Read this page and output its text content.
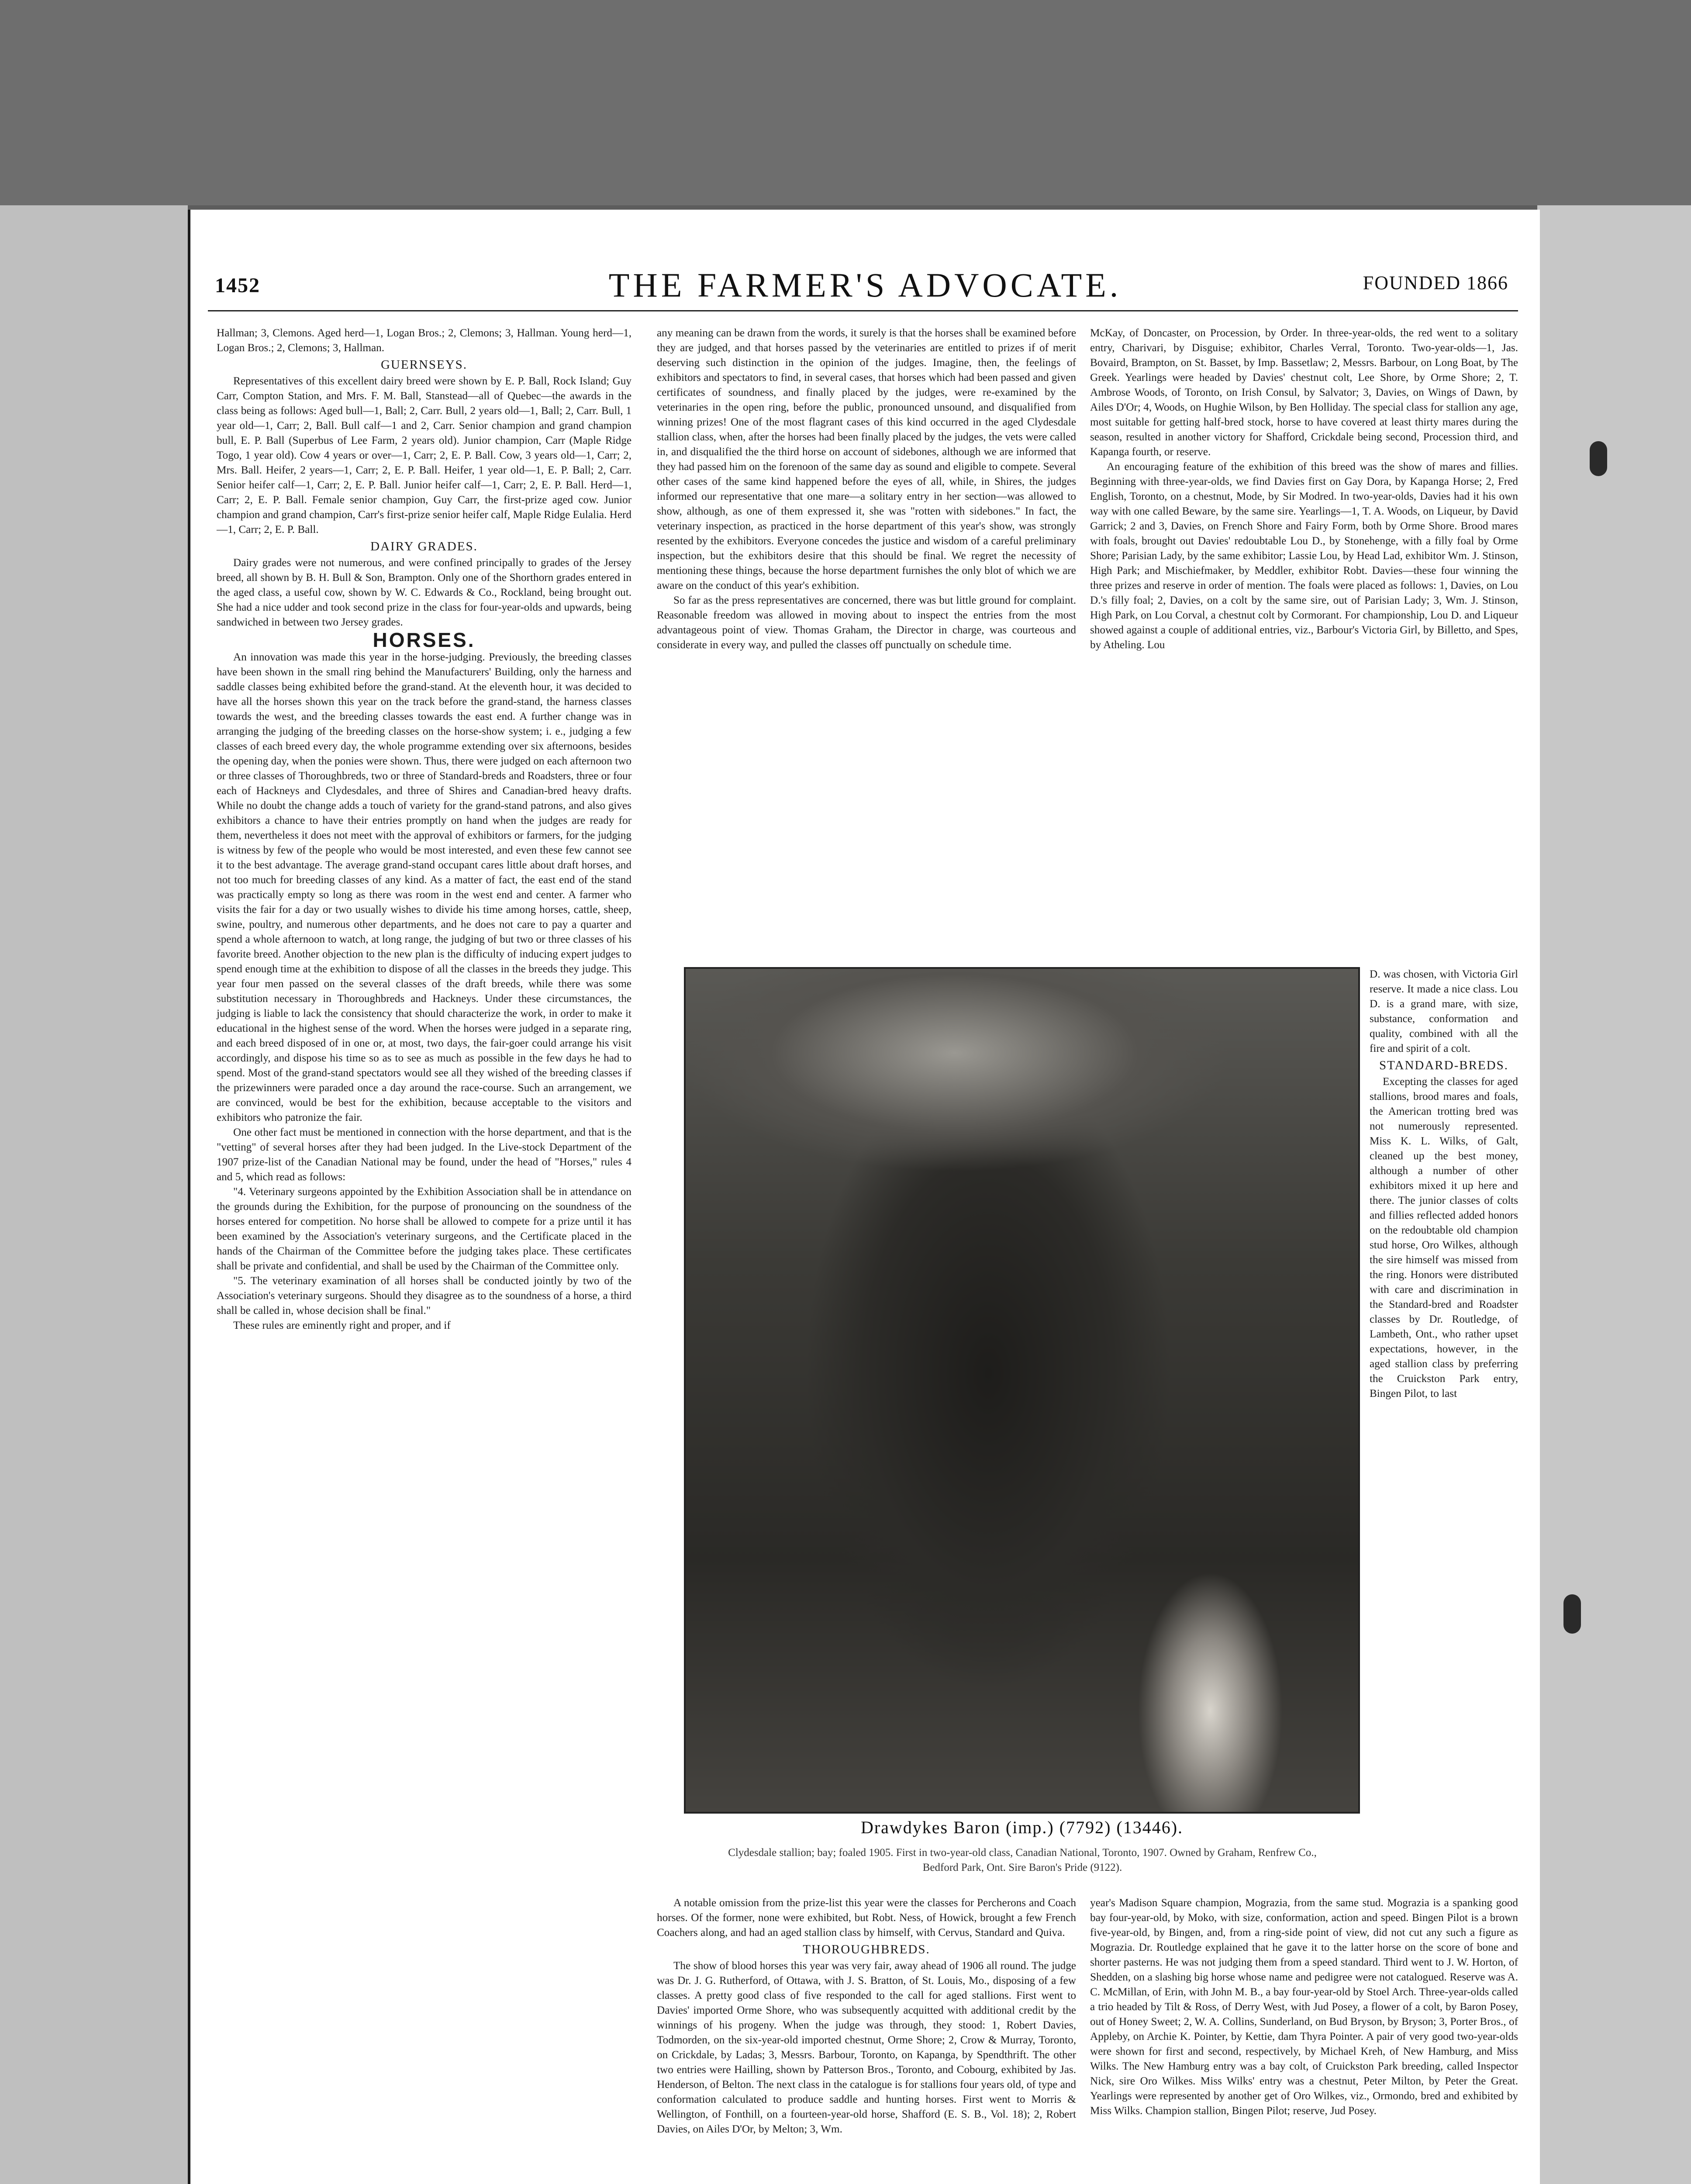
1452	THE FARMER'S ADVOCATE.	FOUNDED 1866

Hallman; 3, Clemons. Aged herd—1, Logan Bros.; 2, Clemons; 3, Hallman. Young herd—1, Logan Bros.; 2, Clemons; 3, Hallman.

GUERNSEYS.

Representatives of this excellent dairy breed were shown by E. P. Ball, Rock Island; Guy Carr, Compton Station, and Mrs. F. M. Ball, Stanstead—all of Quebec—the awards in the class being as follows: Aged bull—1, Ball; 2, Carr. Bull, 2 years old—1, Ball; 2, Carr. Bull, 1 year old—1, Carr; 2, Ball. Bull calf—1 and 2, Carr. Senior champion and grand champion bull, E. P. Ball (Superbus of Lee Farm, 2 years old). Junior champion, Carr (Maple Ridge Togo, 1 year old). Cow 4 years or over—1, Carr; 2, E. P. Ball. Cow, 3 years old—1, Carr; 2, Mrs. Ball. Heifer, 2 years—1, Carr; 2, E. P. Ball. Heifer, 1 year old—1, E. P. Ball; 2, Carr. Senior heifer calf—1, Carr; 2, E. P. Ball. Junior heifer calf—1, Carr; 2, E. P. Ball. Herd—1, Carr; 2, E. P. Ball. Female senior champion, Guy Carr, the first-prize aged cow. Junior champion and grand champion, Carr's first-prize senior heifer calf, Maple Ridge Eulalia. Herd—1, Carr; 2, E. P. Ball.

DAIRY GRADES.

Dairy grades were not numerous, and were confined principally to grades of the Jersey breed, all shown by B. H. Bull & Son, Brampton. Only one of the Shorthorn grades entered in the aged class, a useful cow, shown by W. C. Edwards & Co., Rockland, being brought out. She had a nice udder and took second prize in the class for four-year-olds and upwards, being sandwiched in between two Jersey grades.

HORSES.

An innovation was made this year in the horse-judging. Previously, the breeding classes have been shown in the small ring behind the Manufacturers' Building, only the harness and saddle classes being exhibited before the grand-stand. At the eleventh hour, it was decided to have all the horses shown this year on the track before the grand-stand, the harness classes towards the west, and the breeding classes towards the east end. A further change was in arranging the judging of the breeding classes on the horse-show system; i. e., judging a few classes of each breed every day, the whole programme extending over six afternoons, besides the opening day, when the ponies were shown. Thus, there were judged on each afternoon two or three classes of Thoroughbreds, two or three of Standard-breds and Roadsters, three or four each of Hackneys and Clydesdales, and three of Shires and Canadian-bred heavy drafts. While no doubt the change adds a touch of variety for the grand-stand patrons, and also gives exhibitors a chance to have their entries promptly on hand when the judges are ready for them, nevertheless it does not meet with the approval of exhibitors or farmers, for the judging is witness by few of the people who would be most interested, and even these few cannot see it to the best advantage. The average grand-stand occupant cares little about draft horses, and not too much for breeding classes of any kind. As a matter of fact, the east end of the stand was practically empty so long as there was room in the west end and center. A farmer who visits the fair for a day or two usually wishes to divide his time among horses, cattle, sheep, swine, poultry, and numerous other departments, and he does not care to pay a quarter and spend a whole afternoon to watch, at long range, the judging of but two or three classes of his favorite breed. Another objection to the new plan is the difficulty of inducing expert judges to spend enough time at the exhibition to dispose of all the classes in the breeds they judge. This year four men passed on the several classes of the draft breeds, while there was some substitution necessary in Thoroughbreds and Hackneys. Under these circumstances, the judging is liable to lack the consistency that should characterize the work, in order to make it educational in the highest sense of the word. When the horses were judged in a separate ring, and each breed disposed of in one or, at most, two days, the fair-goer could arrange his visit accordingly, and dispose his time so as to see as much as possible in the few days he had to spend. Most of the grand-stand spectators would see all they wished of the breeding classes if the prizewinners were paraded once a day around the race-course. Such an arrangement, we are convinced, would be best for the exhibition, because acceptable to the visitors and exhibitors who patronize the fair.

One other fact must be mentioned in connection with the horse department, and that is the "vetting" of several horses after they had been judged. In the Live-stock Department of the 1907 prize-list of the Canadian National may be found, under the head of "Horses," rules 4 and 5, which read as follows:

"4. Veterinary surgeons appointed by the Exhibition Association shall be in attendance on the grounds during the Exhibition, for the purpose of pronouncing on the soundness of the horses entered for competition. No horse shall be allowed to compete for a prize until it has been examined by the Association's veterinary surgeons, and the Certificate placed in the hands of the Chairman of the Committee before the judging takes place. These certificates shall be private and confidential, and shall be used by the Chairman of the Committee only.

"5. The veterinary examination of all horses shall be conducted jointly by two of the Association's veterinary surgeons. Should they disagree as to the soundness of a horse, a third shall be called in, whose decision shall be final."

These rules are eminently right and proper, and if

any meaning can be drawn from the words, it surely is that the horses shall be examined before they are judged, and that horses passed by the veterinaries are entitled to prizes if of merit deserving such distinction in the opinion of the judges. Imagine, then, the feelings of exhibitors and spectators to find, in several cases, that horses which had been passed and given certificates of soundness, and finally placed by the judges, were re-examined by the veterinaries in the open ring, before the public, pronounced unsound, and disqualified from winning prizes! One of the most flagrant cases of this kind occurred in the aged Clydesdale stallion class, when, after the horses had been finally placed by the judges, the vets were called in, and disqualified the the third horse on account of sidebones, although we are informed that they had passed him on the forenoon of the same day as sound and eligible to compete. Several other cases of the same kind happened before the eyes of all, while, in Shires, the judges informed our representative that one mare—a solitary entry in her section—was allowed to show, although, as one of them expressed it, she was "rotten with sidebones." In fact, the veterinary inspection, as practiced in the horse department of this year's show, was strongly resented by the exhibitors. Everyone concedes the justice and wisdom of a careful preliminary inspection, but the exhibitors desire that this should be final. We regret the necessity of mentioning these things, because the horse department furnishes the only blot of which we are aware on the conduct of this year's exhibition.

So far as the press representatives are concerned, there was but little ground for complaint. Reasonable freedom was allowed in moving about to inspect the entries from the most advantageous point of view. Thomas Graham, the Director in charge, was courteous and considerate in every way, and pulled the classes off punctually on schedule time.

McKay, of Doncaster, on Procession, by Order. In three-year-olds, the red went to a solitary entry, Charivari, by Disguise; exhibitor, Charles Verral, Toronto. Two-year-olds—1, Jas. Bovaird, Brampton, on St. Basset, by Imp. Bassetlaw; 2, Messrs. Barbour, on Long Boat, by The Greek. Yearlings were headed by Davies' chestnut colt, Lee Shore, by Orme Shore; 2, T. Ambrose Woods, of Toronto, on Irish Consul, by Salvator; 3, Davies, on Wings of Dawn, by Ailes D'Or; 4, Woods, on Hughie Wilson, by Ben Holliday. The special class for stallion any age, most suitable for getting half-bred stock, horse to have covered at least thirty mares during the season, resulted in another victory for Shafford, Crickdale being second, Procession third, and Kapanga fourth, or reserve.

An encouraging feature of the exhibition of this breed was the show of mares and fillies. Beginning with three-year-olds, we find Davies first on Gay Dora, by Kapanga Horse; 2, Fred English, Toronto, on a chestnut, Mode, by Sir Modred. In two-year-olds, Davies had it his own way with one called Beware, by the same sire. Yearlings—1, T. A. Woods, on Liqueur, by David Garrick; 2 and 3, Davies, on French Shore and Fairy Form, both by Orme Shore. Brood mares with foals, brought out Davies' redoubtable Lou D., by Stonehenge, with a filly foal by Orme Shore; Parisian Lady, by the same exhibitor; Lassie Lou, by Head Lad, exhibitor Wm. J. Stinson, High Park; and Mischiefmaker, by Meddler, exhibitor Robt. Davies—these four winning the three prizes and reserve in order of mention. The foals were placed as follows: 1, Davies, on Lou D.'s filly foal; 2, Davies, on a colt by the same sire, out of Parisian Lady; 3, Wm. J. Stinson, High Park, on Lou Corval, a chestnut colt by Cormorant. For championship, Lou D. and Liqueur showed against a couple of additional entries, viz., Barbour's Victoria Girl, by Billetto, and Spes, by Atheling. Lou

Drawdykes Baron (imp.) (7792) (13446).
Clydesdale stallion; bay; foaled 1905. First in two-year-old class, Canadian National, Toronto, 1907. Owned by Graham, Renfrew Co., Bedford Park, Ont. Sire Baron's Pride (9122).

D. was chosen, with Victoria Girl reserve. It made a nice class. Lou D. is a grand mare, with size, substance, conformation and quality, combined with all the fire and spirit of a colt.

STANDARD-BREDS.

Excepting the classes for aged stallions, brood mares and foals, the American trotting bred was not numerously represented. Miss K. L. Wilks, of Galt, cleaned up the best money, although a number of other exhibitors mixed it up here and there. The junior classes of colts and fillies reflected added honors on the redoubtable old champion stud horse, Oro Wilkes, although the sire himself was missed from the ring. Honors were distributed with care and discrimination in the Standard-bred and Roadster classes by Dr. Routledge, of Lambeth, Ont., who rather upset expectations, however, in the aged stallion class by preferring the Cruickston Park entry, Bingen Pilot, to last

A notable omission from the prize-list this year were the classes for Percherons and Coach horses. Of the former, none were exhibited, but Robt. Ness, of Howick, brought a few French Coachers along, and had an aged stallion class by himself, with Cervus, Standard and Quiva.

THOROUGHBREDS.

The show of blood horses this year was very fair, away ahead of 1906 all round. The judge was Dr. J. G. Rutherford, of Ottawa, with J. S. Bratton, of St. Louis, Mo., disposing of a few classes. A pretty good class of five responded to the call for aged stallions. First went to Davies' imported Orme Shore, who was subsequently acquitted with additional credit by the winnings of his progeny. When the judge was through, they stood: 1, Robert Davies, Todmorden, on the six-year-old imported chestnut, Orme Shore; 2, Crow & Murray, Toronto, on Crickdale, by Ladas; 3, Messrs. Barbour, Toronto, on Kapanga, by Spendthrift. The other two entries were Hailling, shown by Patterson Bros., Toronto, and Cobourg, exhibited by Jas. Henderson, of Belton. The next class in the catalogue is for stallions four years old, of type and conformation calculated to produce saddle and hunting horses. First went to Morris & Wellington, of Fonthill, on a fourteen-year-old horse, Shafford (E. S. B., Vol. 18); 2, Robert Davies, on Ailes D'Or, by Melton; 3, Wm.

year's Madison Square champion, Mograzia, from the same stud. Mograzia is a spanking good bay four-year-old, by Moko, with size, conformation, action and speed. Bingen Pilot is a brown five-year-old, by Bingen, and, from a ring-side point of view, did not cut any such a figure as Mograzia. Dr. Routledge explained that he gave it to the latter horse on the score of bone and shorter pasterns. He was not judging them from a speed standard. Third went to J. W. Horton, of Shedden, on a slashing big horse whose name and pedigree were not catalogued. Reserve was A. C. McMillan, of Erin, with John M. B., a bay four-year-old by Stoel Arch. Three-year-olds called a trio headed by Tilt & Ross, of Derry West, with Jud Posey, a flower of a colt, by Baron Posey, out of Honey Sweet; 2, W. A. Collins, Sunderland, on Bud Bryson, by Bryson; 3, Porter Bros., of Appleby, on Archie K. Pointer, by Kettie, dam Thyra Pointer. A pair of very good two-year-olds were shown for first and second, respectively, by Michael Kreh, of New Hamburg, and Miss Wilks. The New Hamburg entry was a bay colt, of Cruickston Park breeding, called Inspector Nick, sire Oro Wilkes. Miss Wilks' entry was a chestnut, Peter Milton, by Peter the Great. Yearlings were represented by another get of Oro Wilkes, viz., Ormondo, bred and exhibited by Miss Wilks. Champion stallion, Bingen Pilot; reserve, Jud Posey.
